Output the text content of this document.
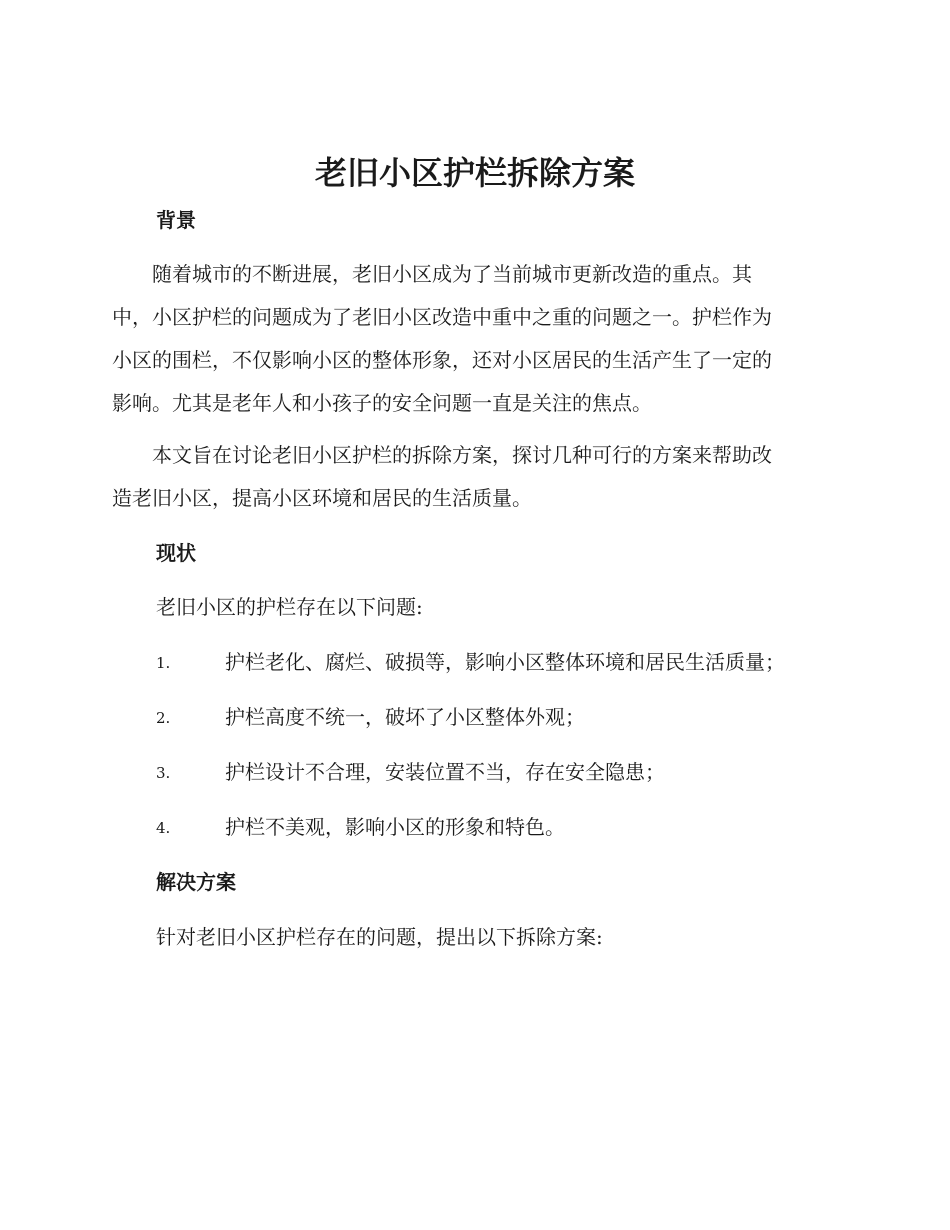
老旧小区护栏拆除方案
背景

　　随着城市的不断进展，老旧小区成为了当前城市更新改造的重点。其
中，小区护栏的问题成为了老旧小区改造中重中之重的问题之一。护栏作为
小区的围栏，不仅影响小区的整体形象，还对小区居民的生活产生了一定的
影响。尤其是老年人和小孩子的安全问题一直是关注的焦点。

　　本文旨在讨论老旧小区护栏的拆除方案，探讨几种可行的方案来帮助改
造老旧小区，提高小区环境和居民的生活质量。

现状

老旧小区的护栏存在以下问题:

1.	护栏老化、腐烂、破损等，影响小区整体环境和居民生活质量；
2.	护栏高度不统一，破坏了小区整体外观；
3.	护栏设计不合理，安装位置不当，存在安全隐患；
4.	护栏不美观，影响小区的形象和特色。
解决方案

针对老旧小区护栏存在的问题，提出以下拆除方案:
